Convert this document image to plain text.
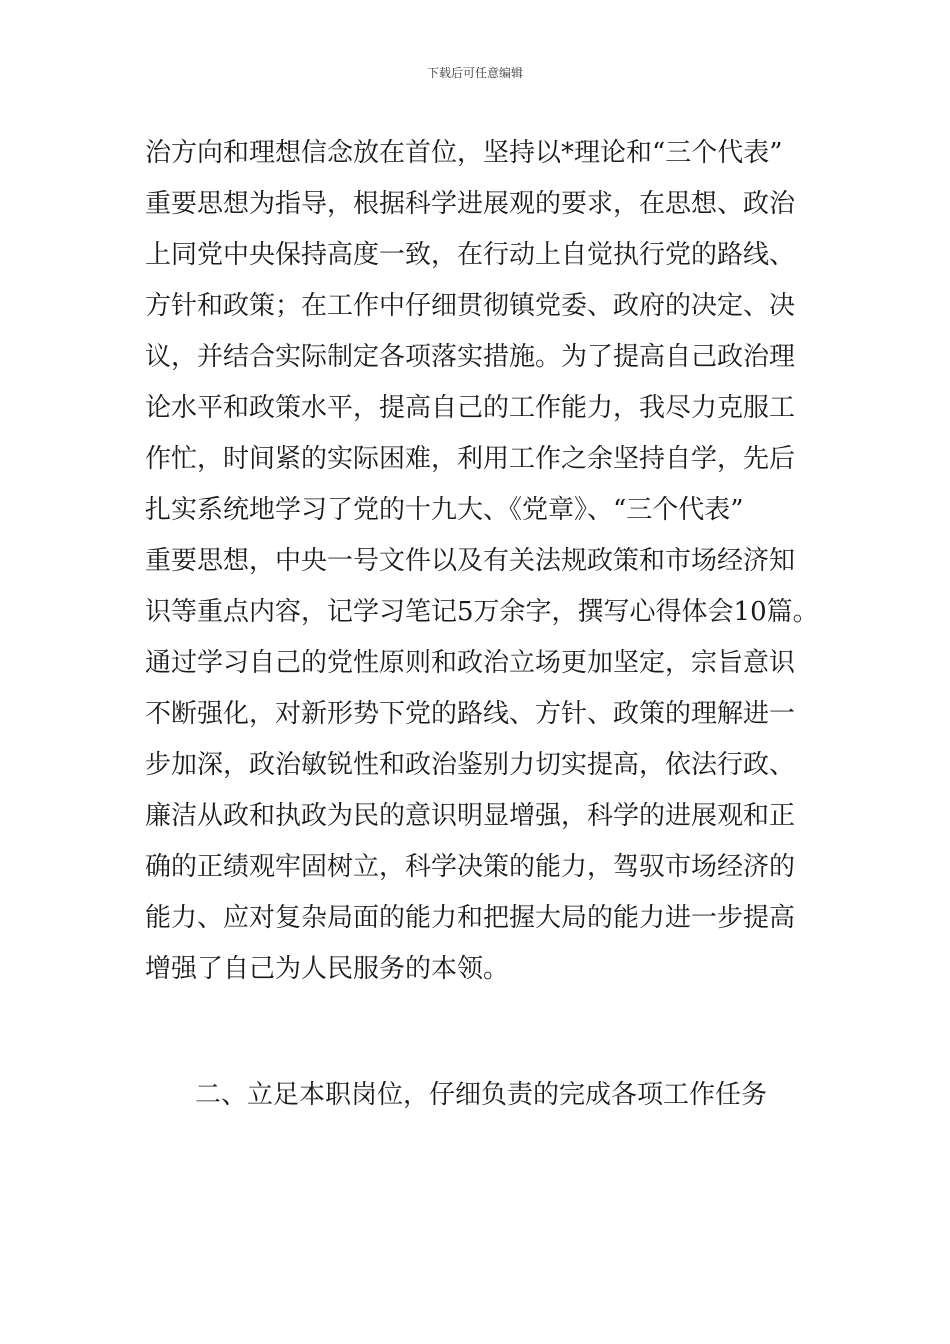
下载后可任意编辑
治方向和理想信念放在首位，坚持以*理论和“三个代表”
重要思想为指导，根据科学进展观的要求，在思想、政治
上同党中央保持高度一致，在行动上自觉执行党的路线、
方针和政策；在工作中仔细贯彻镇党委、政府的决定、决
议，并结合实际制定各项落实措施。为了提高自己政治理
论水平和政策水平，提高自己的工作能力，我尽力克服工
作忙，时间紧的实际困难，利用工作之余坚持自学，先后
扎实系统地学习了党的十九大、《党章》、“三个代表”
重要思想，中央一号文件以及有关法规政策和市场经济知
识等重点内容，记学习笔记5万余字，撰写心得体会10篇。
通过学习自己的党性原则和政治立场更加坚定，宗旨意识
不断强化，对新形势下党的路线、方针、政策的理解进一
步加深，政治敏锐性和政治鉴别力切实提高，依法行政、
廉洁从政和执政为民的意识明显增强，科学的进展观和正
确的正绩观牢固树立，科学决策的能力，驾驭市场经济的
能力、应对复杂局面的能力和把握大局的能力进一步提高
增强了自己为人民服务的本领。
二、立足本职岗位，仔细负责的完成各项工作任务
